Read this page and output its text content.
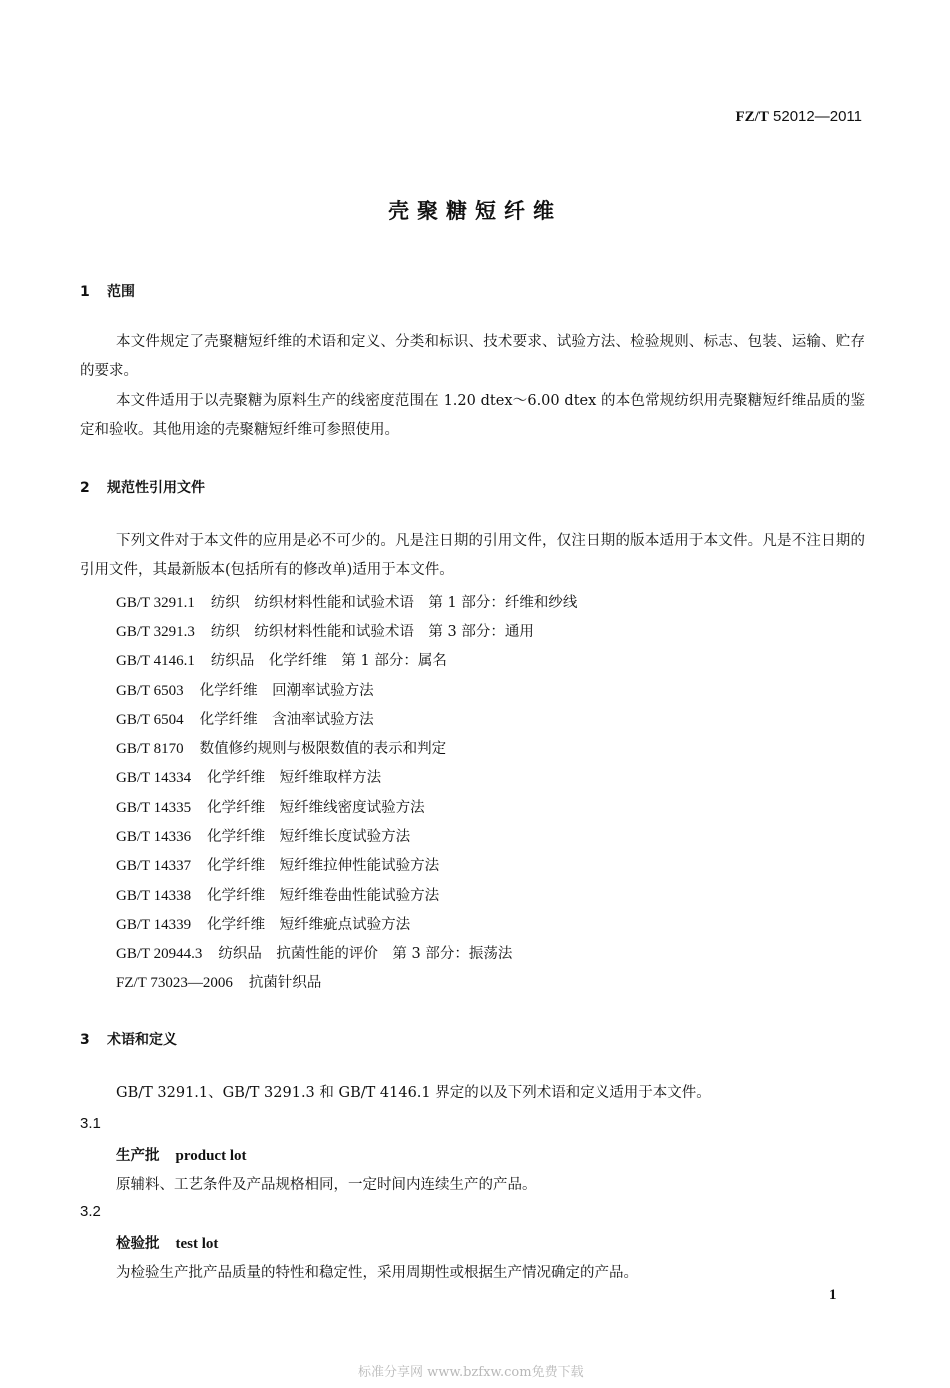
FZ/T 52012—2011
壳聚糖短纤维
1 范围
本文件规定了壳聚糖短纤维的术语和定义、分类和标识、技术要求、试验方法、检验规则、标志、包装、运输、贮存的要求。
本文件适用于以壳聚糖为原料生产的线密度范围在 1.20 dtex～6.00 dtex 的本色常规纺织用壳聚糖短纤维品质的鉴定和验收。其他用途的壳聚糖短纤维可参照使用。
2 规范性引用文件
下列文件对于本文件的应用是必不可少的。凡是注日期的引用文件，仅注日期的版本适用于本文件。凡是不注日期的引用文件，其最新版本(包括所有的修改单)适用于本文件。
GB/T 3291.1 纺织　纺织材料性能和试验术语　第 1 部分：纤维和纱线
GB/T 3291.3 纺织　纺织材料性能和试验术语　第 3 部分：通用
GB/T 4146.1 纺织品　化学纤维　第 1 部分：属名
GB/T 6503 化学纤维　回潮率试验方法
GB/T 6504 化学纤维　含油率试验方法
GB/T 8170 数值修约规则与极限数值的表示和判定
GB/T 14334 化学纤维　短纤维取样方法
GB/T 14335 化学纤维　短纤维线密度试验方法
GB/T 14336 化学纤维　短纤维长度试验方法
GB/T 14337 化学纤维　短纤维拉伸性能试验方法
GB/T 14338 化学纤维　短纤维卷曲性能试验方法
GB/T 14339 化学纤维　短纤维疵点试验方法
GB/T 20944.3 纺织品　抗菌性能的评价　第 3 部分：振荡法
FZ/T 73023—2006 抗菌针织品
3 术语和定义
GB/T 3291.1、GB/T 3291.3 和 GB/T 4146.1 界定的以及下列术语和定义适用于本文件。
3.1
生产批 product lot
原辅料、工艺条件及产品规格相同，一定时间内连续生产的产品。
3.2
检验批 test lot
为检验生产批产品质量的特性和稳定性，采用周期性或根据生产情况确定的产品。
1
标准分享网 www.bzfxw.com免费下载
